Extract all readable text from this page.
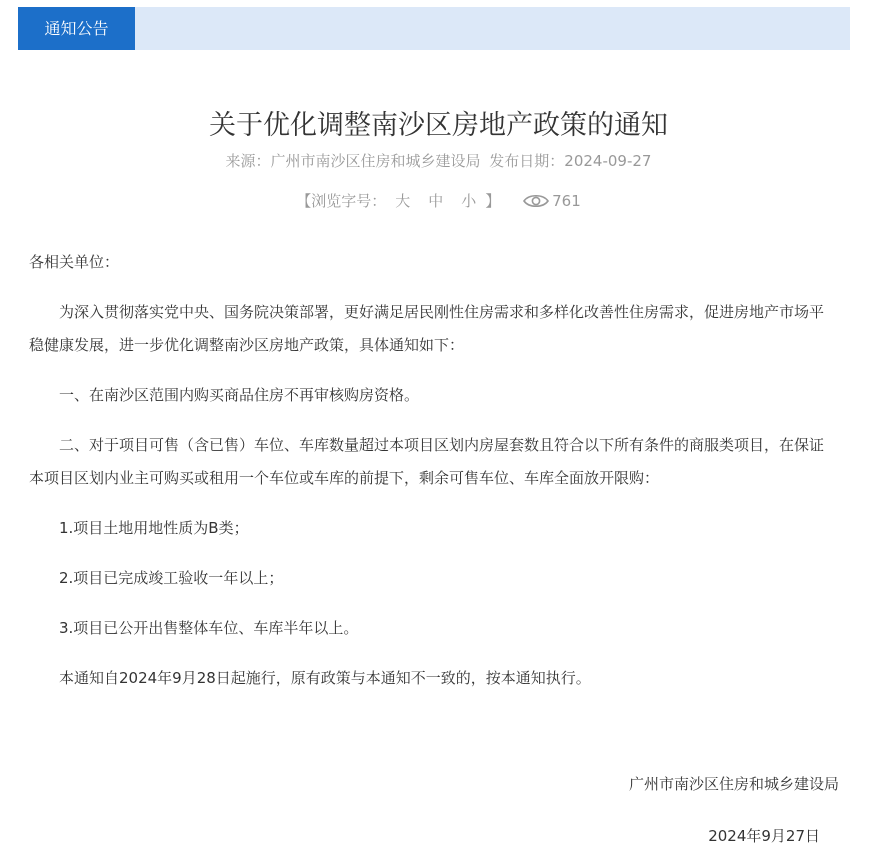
通知公告
关于优化调整南沙区房地产政策的通知
来源：广州市南沙区住房和城乡建设局 发布日期：2024-09-27
【浏览字号： 大 中 小 】	761

各相关单位：

为深入贯彻落实党中央、国务院决策部署，更好满足居民刚性住房需求和多样化改善性住房需求，促进房地产市场平稳健康发展，进一步优化调整南沙区房地产政策，具体通知如下：

一、在南沙区范围内购买商品住房不再审核购房资格。

二、对于项目可售（含已售）车位、车库数量超过本项目区划内房屋套数且符合以下所有条件的商服类项目，在保证本项目区划内业主可购买或租用一个车位或车库的前提下，剩余可售车位、车库全面放开限购：

1.项目土地用地性质为B类；

2.项目已完成竣工验收一年以上；

3.项目已公开出售整体车位、车库半年以上。

本通知自2024年9月28日起施行，原有政策与本通知不一致的，按本通知执行。

广州市南沙区住房和城乡建设局
2024年9月27日
